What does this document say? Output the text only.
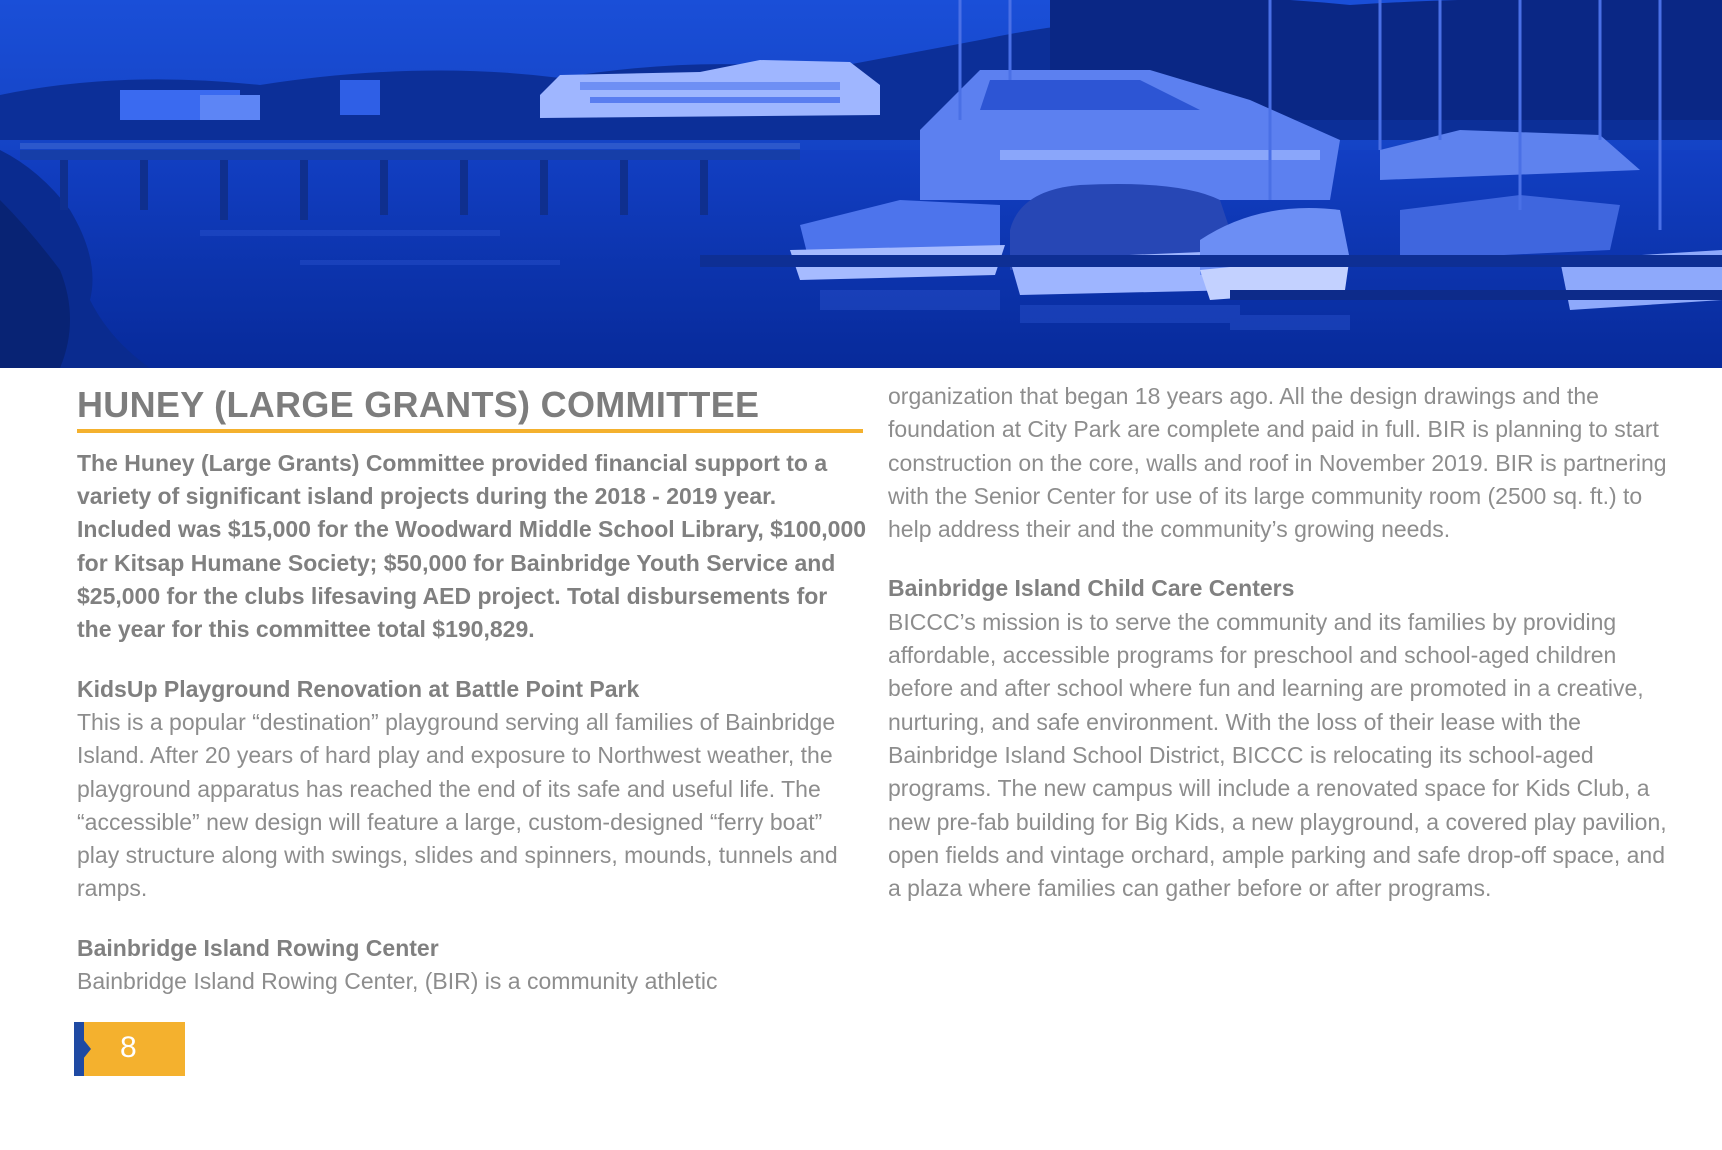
HUNEY (LARGE GRANTS) COMMITTEE

The Huney (Large Grants) Committee provided financial support to a variety of significant island projects during the 2018 - 2019 year. Included was $15,000 for the Woodward Middle School Library, $100,000 for Kitsap Humane Society; $50,000 for Bainbridge Youth Service and $25,000 for the clubs lifesaving AED project. Total disbursements for the year for this committee total $190,829.

KidsUp Playground Renovation at Battle Point Park

This is a popular “destination” playground serving all families of Bainbridge Island. After 20 years of hard play and exposure to Northwest weather, the playground apparatus has reached the end of its safe and useful life. The “accessible” new design will feature a large, custom-designed “ferry boat” play structure along with swings, slides and spinners, mounds, tunnels and ramps.

Bainbridge Island Rowing Center

Bainbridge Island Rowing Center, (BIR) is a community athletic

organization that began 18 years ago. All the design drawings and the foundation at City Park are complete and paid in full. BIR is planning to start construction on the core, walls and roof in November 2019. BIR is partnering with the Senior Center for use of its large community room (2500 sq. ft.) to help address their and the community’s growing needs.

Bainbridge Island Child Care Centers

BICCC’s mission is to serve the community and its families by providing affordable, accessible programs for preschool and school-aged children before and after school where fun and learning are promoted in a creative, nurturing, and safe environment. With the loss of their lease with the Bainbridge Island School District, BICCC is relocating its school-aged programs. The new campus will include a renovated space for Kids Club, a new pre-fab building for Big Kids, a new playground, a covered play pavilion, open fields and vintage orchard, ample parking and safe drop-off space, and a plaza where families can gather before or after programs.

8
